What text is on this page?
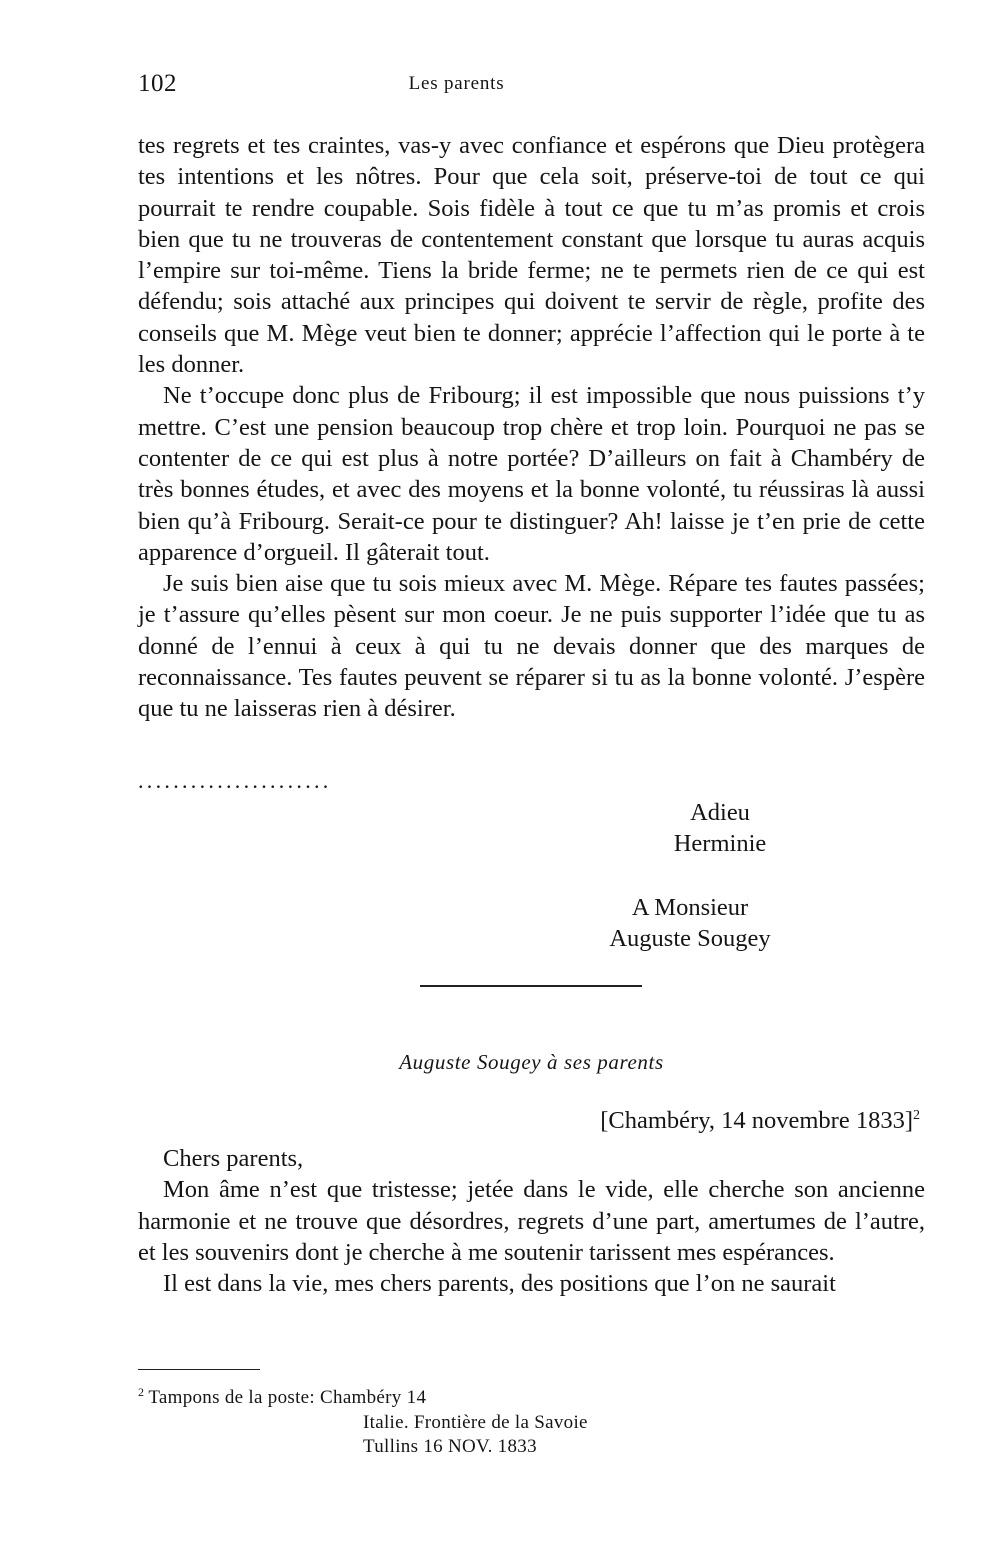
102	Les parents

tes regrets et tes craintes, vas-y avec confiance et espérons que Dieu protègera tes intentions et les nôtres. Pour que cela soit, préserve-toi de tout ce qui pourrait te rendre coupable. Sois fidèle à tout ce que tu m’as promis et crois bien que tu ne trouveras de contentement constant que lorsque tu auras acquis l’empire sur toi-même. Tiens la bride ferme; ne te permets rien de ce qui est défendu; sois attaché aux principes qui doivent te servir de règle, profite des conseils que M. Mège veut bien te donner; apprécie l’affection qui le porte à te les donner.

Ne t’occupe donc plus de Fribourg; il est impossible que nous puissions t’y mettre. C’est une pension beaucoup trop chère et trop loin. Pourquoi ne pas se contenter de ce qui est plus à notre portée? D’ailleurs on fait à Chambéry de très bonnes études, et avec des moyens et la bonne volonté, tu réussiras là aussi bien qu’à Fribourg. Serait-ce pour te distinguer? Ah! laisse je t’en prie de cette apparence d’orgueil. Il gâterait tout.

Je suis bien aise que tu sois mieux avec M. Mège. Répare tes fautes passées; je t’assure qu’elles pèsent sur mon coeur. Je ne puis supporter l’idée que tu as donné de l’ennui à ceux à qui tu ne devais donner que des marques de reconnaissance. Tes fautes peuvent se réparer si tu as la bonne volonté. J’espère que tu ne laisseras rien à désirer.

......................
Adieu
Herminie
A Monsieur
Auguste Sougey
Auguste Sougey à ses parents
[Chambéry, 14 novembre 1833]$^2$

Chers parents,

Mon âme n’est que tristesse; jetée dans le vide, elle cherche son ancienne harmonie et ne trouve que désordres, regrets d’une part, amertumes de l’autre, et les souvenirs dont je cherche à me soutenir tarissent mes espérances.

Il est dans la vie, mes chers parents, des positions que l’on ne saurait

$^2$ Tampons de la poste: Chambéry 14
Italie. Frontière de la Savoie
Tullins 16 NOV. 1833
